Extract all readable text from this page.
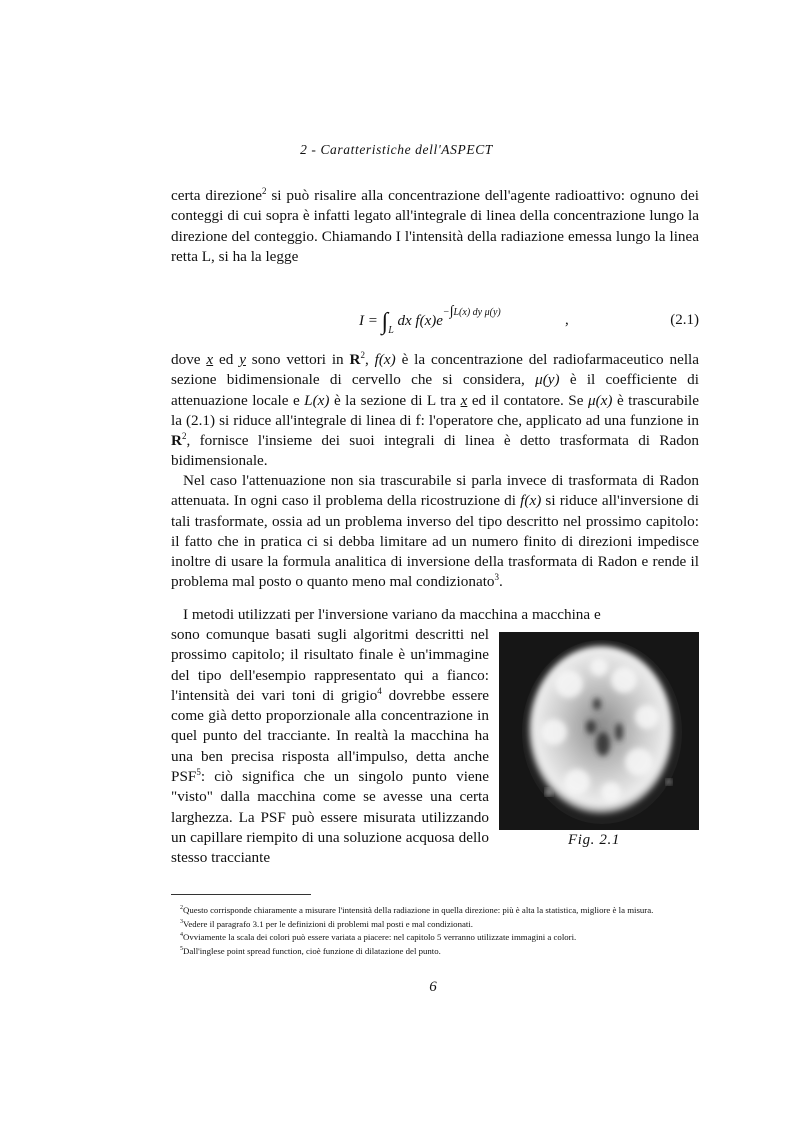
2 - Caratteristiche dell'ASPECT

certa direzione$^2$ si può risalire alla concentrazione dell'agente radioattivo: ognuno dei conteggi di cui sopra è infatti legato all'integrale di linea della concentrazione lungo la direzione del conteggio. Chiamando I l'intensità della radiazione emessa lungo la linea retta L, si ha la legge

$I = \int_L$ dx $f(x)e^{-\int L(x) dy \mu(y)}$	,	(2.1)

dove x ed y sono vettori in $R^2$, f(x) è la concentrazione del radiofarmaceutico nella sezione bidimensionale di cervello che si considera, μ(y) è il coefficiente di attenuazione locale e L(x) è la sezione di L tra x ed il contatore. Se μ(x) è trascurabile la (2.1) si riduce all'integrale di linea di f: l'operatore che, applicato ad una funzione in $R^2$, fornisce l'insieme dei suoi integrali di linea è detto trasformata di Radon bidimensionale.

Nel caso l'attenuazione non sia trascurabile si parla invece di trasformata di Radon attenuata. In ogni caso il problema della ricostruzione di f(x) si riduce all'inversione di tali trasformate, ossia ad un problema inverso del tipo descritto nel prossimo capitolo: il fatto che in pratica ci si debba limitare ad un numero finito di direzioni impedisce inoltre di usare la formula analitica di inversione della trasformata di Radon e rende il problema mal posto o quanto meno mal condizionato$^3$.

I metodi utilizzati per l'inversione variano da macchina a macchina e

sono comunque basati sugli algoritmi descritti nel prossimo capitolo; il risultato finale è un'immagine del tipo dell'esempio rappresentato qui a fianco: l'intensità dei vari toni di grigio$^4$ dovrebbe essere come già detto proporzionale alla concentrazione in quel punto del tracciante. In realtà la macchina ha una ben precisa risposta all'impulso, detta anche PSF$^5$: ciò significa che un singolo punto viene "visto" dalla macchina come se avesse una certa larghezza. La PSF può essere misurata utilizzando un capillare riempito di una soluzione acquosa dello stesso tracciante

Fig. 2.1
$^2$Questo corrisponde chiaramente a misurare l'intensità della radiazione in quella direzione: più è alta la statistica, migliore è la misura.
$^3$Vedere il paragrafo 3.1 per le definizioni di problemi mal posti e mal condizionati.
$^4$Ovviamente la scala dei colori può essere variata a piacere: nel capitolo 5 verranno utilizzate immagini a colori.
$^5$Dall'inglese point spread function, cioè funzione di dilatazione del punto.
6
